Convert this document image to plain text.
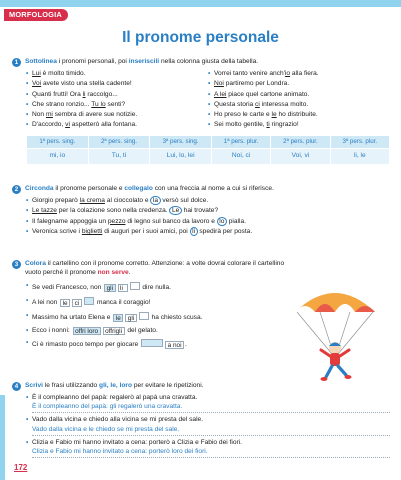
MORFOLOGIA
Il pronome personale
1	Sottolinea i pronomi personali, poi inseriscili nella colonna giusta della tabella.
• Lui è molto timido.
• Voi avete visto una stella cadente!
• Quanti frutti! Ora li raccolgo...
• Che strano ronzio... Tu lo senti?
• Non mi sembra di avere sue notizie.
• D'accordo, vi aspetterò alla fontana.
• Vorrei tanto venire anch'io alla fiera.
• Noi partiremo per Londra.
• A lei piace quel cartone animato.
• Questa storia ci interessa molto.
• Ho preso le carte e le ho distribuite.
• Sei molto gentile, ti ringrazio!
1ª pers. sing.	2ª pers. sing.	3ª pers. sing.	1ª pers. plur.	2ª pers. plur.	3ª pers. plur.
mi, io	Tu, ti	Lui, lo, lei	Noi, ci	Voi, vi	li, le
2	Circonda il pronome personale e collegalo con una freccia al nome a cui si riferisce.
• Giorgio preparò la crema al cioccolato e la versò sul dolce.
• Le tazze per la colazione sono nella credenza. Le hai trovate?
• Il falegname appoggia un pezzo di legno sul banco da lavoro e lo pialla.
• Veronica scrive i biglietti di auguri per i suoi amici, poi li spedirà per posta.
3	Colora il cartellino con il pronome corretto. Attenzione: a volte dovrai colorare il cartellino vuoto perché il pronome non serve.
• Se vedi Francesco, non gli li	dire nulla.
• A lei non le ci	manca il coraggio!
• Massimo ha urtato Elena e le gli	ha chiesto scusa.
• Ecco i nonni: offri loro offrigli del gelato.
• Ci è rimasto poco tempo per giocare	a noi .
4	Scrivi le frasi utilizzando gli, le, loro per evitare le ripetizioni.
• È il compleanno del papà: regalerò al papà una cravatta.
È il compleanno del papà: gli regalerò una cravatta.
• Vado dalla vicina e chiedo alla vicina se mi presta del sale.
Vado dalla vicina e le chiedo se mi presta del sale.
• Clizia e Fabio mi hanno invitato a cena: porterò a Clizia e Fabio dei fiori.
Clizia e Fabio mi hanno invitato a cena: porterò loro dei fiori.
172
